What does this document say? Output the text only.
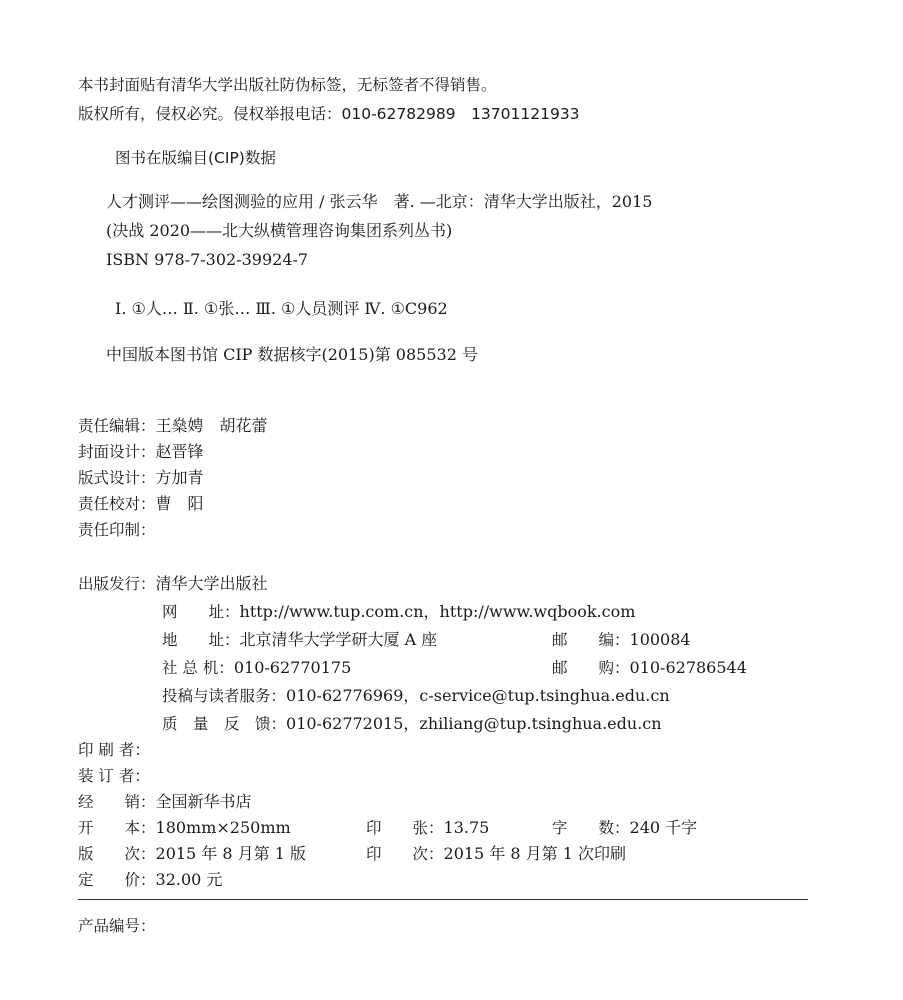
本书封面贴有清华大学出版社防伪标签，无标签者不得销售。
版权所有，侵权必究。侵权举报电话：010-62782989　13701121933
图书在版编目(CIP)数据
人才测评——绘图测验的应用 / 张云华　著. —北京：清华大学出版社，2015
(决战 2020——北大纵横管理咨询集团系列丛书)
ISBN 978-7-302-39924-7
Ⅰ. ①人… Ⅱ. ①张… Ⅲ. ①人员测评 Ⅳ. ①C962
中国版本图书馆 CIP 数据核字(2015)第 085532 号
责任编辑：王燊娉　胡花蕾
封面设计：赵晋锋
版式设计：方加青
责任校对：曹　阳
责任印制：
出版发行：清华大学出版社
网　　址：http://www.tup.com.cn，http://www.wqbook.com
地　　址：北京清华大学学研大厦 A 座	邮　　编：100084
社 总 机：010-62770175	邮　　购：010-62786544
投稿与读者服务：010-62776969，c-service@tup.tsinghua.edu.cn
质　量　反　馈：010-62772015，zhiliang@tup.tsinghua.edu.cn
印 刷 者：
装 订 者：
经　　销：全国新华书店
开　　本：180mm×250mm	印　　张：13.75	字　　数：240 千字
版　　次：2015 年 8 月第 1 版	印　　次：2015 年 8 月第 1 次印刷
定　　价：32.00 元
产品编号：
